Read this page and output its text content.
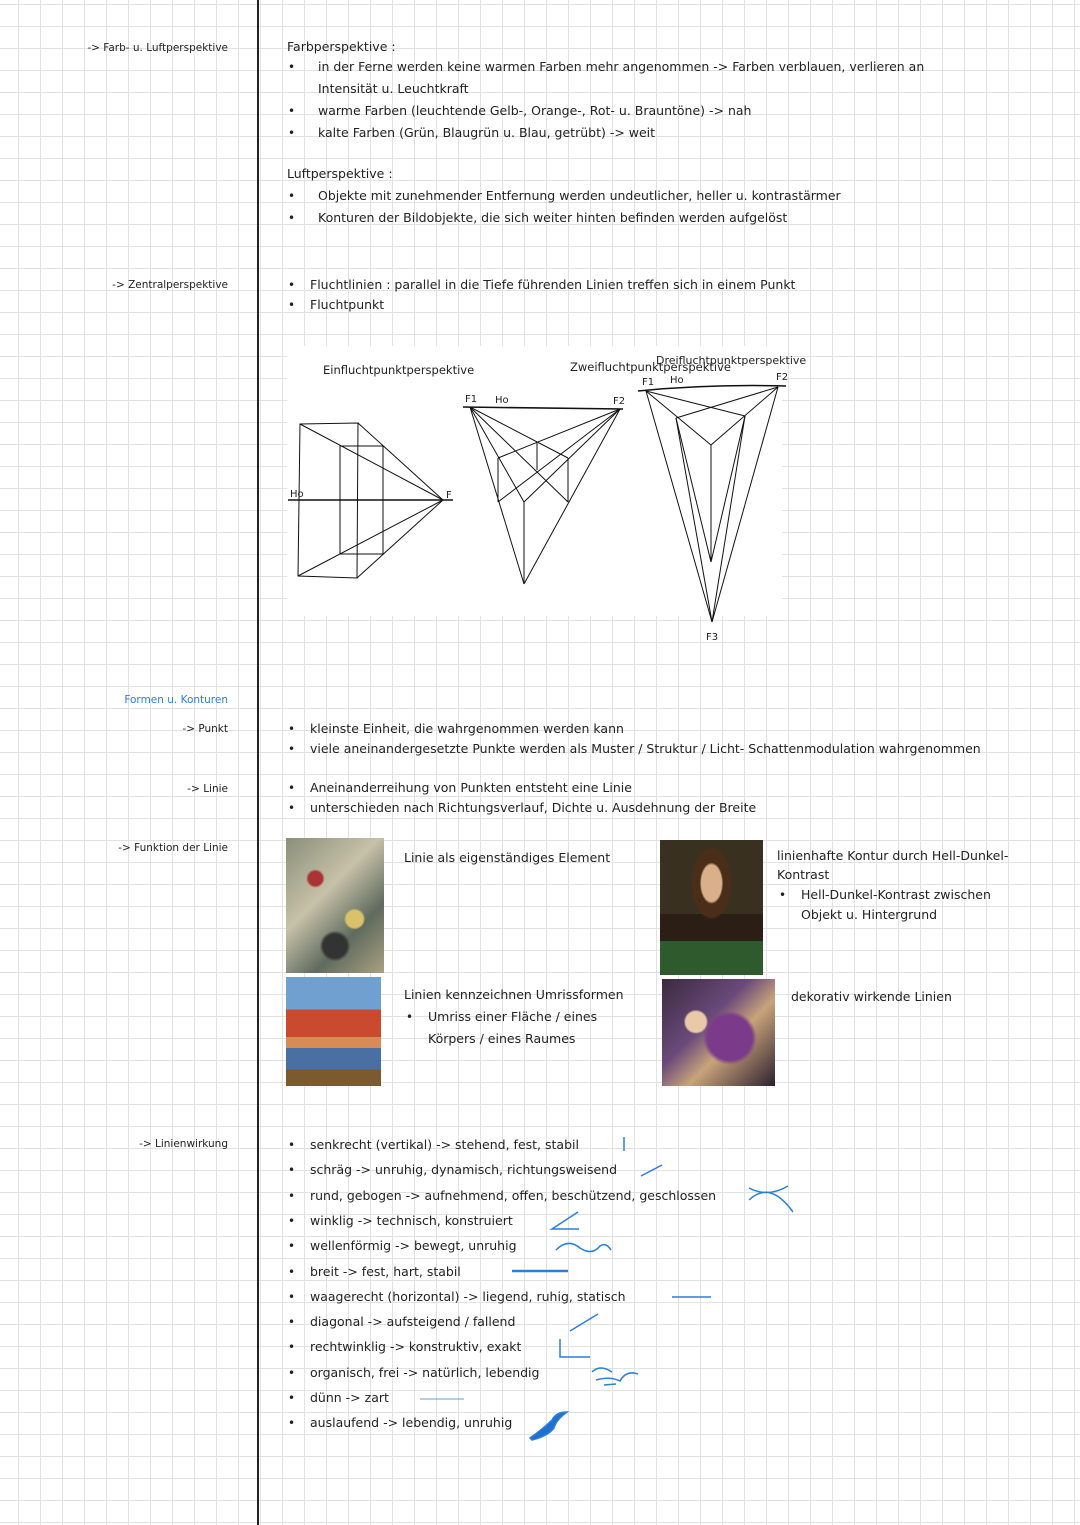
-> Farb- u. Luftperspektive
-> Zentralperspektive
Formen u. Konturen
-> Punkt
-> Linie
-> Funktion der Linie
-> Linienwirkung
Farbperspektive :
• in der Ferne werden keine warmen Farben mehr angenommen -> Farben verblauen, verlieren an
Intensität u. Leuchtkraft
• warme Farben (leuchtende Gelb-, Orange-, Rot- u. Brauntöne) -> nah
• kalte Farben (Grün, Blaugrün u. Blau, getrübt) -> weit
Luftperspektive :
• Objekte mit zunehmender Entfernung werden undeutlicher, heller u. kontrastärmer
• Konturen der Bildobjekte, die sich weiter hinten befinden werden aufgelöst
• Fluchtlinien : parallel in die Tiefe führenden Linien treffen sich in einem Punkt
• Fluchtpunkt
Einfluchtpunktperspektive
Ho	F
Zweifluchtpunktperspektive
F1 Ho	F2
Dreifluchtpunktperspektive
F1 Ho	F2
F3
• kleinste Einheit, die wahrgenommen werden kann
• viele aneinandergesetzte Punkte werden als Muster / Struktur / Licht- Schattenmodulation wahrgenommen
• Aneinanderreihung von Punkten entsteht eine Linie
• unterschieden nach Richtungsverlauf, Dichte u. Ausdehnung der Breite
Linie als eigenständiges Element	linienhafte Kontur durch Hell-Dunkel-
Kontrast
• Hell-Dunkel-Kontrast zwischen
Objekt u. Hintergrund
Linien kennzeichnen Umrissformen
• Umriss einer Fläche / eines
Körpers / eines Raumes
dekorativ wirkende Linien
• senkrecht (vertikal) -> stehend, fest, stabil
• schräg -> unruhig, dynamisch, richtungsweisend
• rund, gebogen -> aufnehmend, offen, beschützend, geschlossen
• winklig -> technisch, konstruiert
• wellenförmig -> bewegt, unruhig
• breit -> fest, hart, stabil
• waagerecht (horizontal) -> liegend, ruhig, statisch
• diagonal -> aufsteigend / fallend
• rechtwinklig -> konstruktiv, exakt
• organisch, frei -> natürlich, lebendig
• dünn -> zart
• auslaufend -> lebendig, unruhig
